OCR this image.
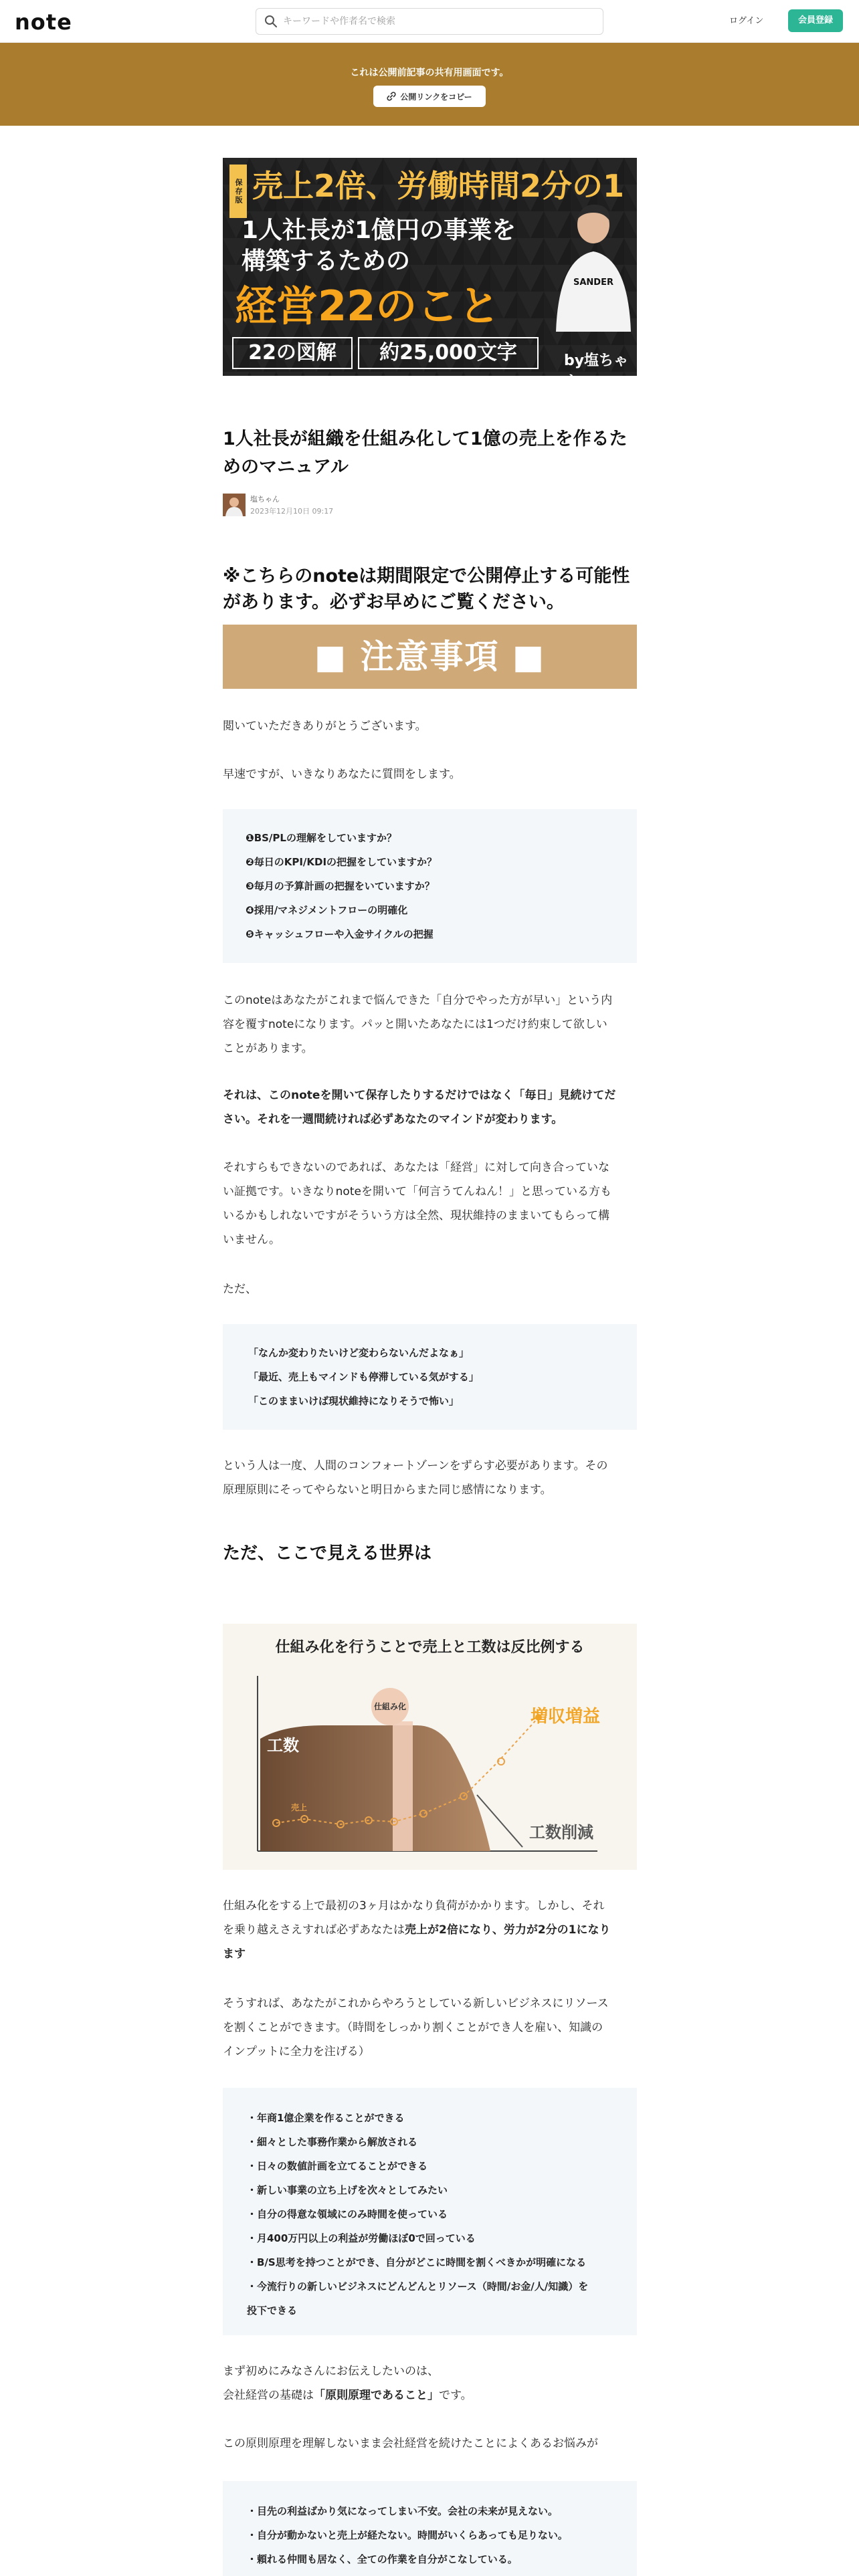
note
キーワードや作者名で検索	ログイン	会員登録
これは公開前記事の共有用画面です。
公開リンクをコピー
保存版 売上2倍、労働時間2分の1
1人社長が1億円の事業を
構築するための
経営22のこと	SANDER
22の図解	約25,000文字	by塩ちゃん
1人社長が組織を仕組み化して1億の売上を作るためのマニュアル
塩ちゃん
2023年12月10日 09:17
※こちらのnoteは期間限定で公開停止する可能性があります。必ずお早めにご覧ください。
■ 注意事項 ■

閲いていただきありがとうございます。

早速ですが、いきなりあなたに質問をします。

❶BS/PLの理解をしていますか？
❷毎日のKPI/KDIの把握をしていますか？
❸毎月の予算計画の把握をいていますか？
❹採用/マネジメントフローの明確化
❺キャッシュフローや入金サイクルの把握

このnoteはあなたがこれまで悩んできた「自分でやった方が早い」という内
容を覆すnoteになります。パッと開いたあなたには1つだけ約束して欲しい
ことがあります。

それは、このnoteを開いて保存したりするだけではなく「毎日」見続けてだ
さい。それを一週間続ければ必ずあなたのマインドが変わります。

それすらもできないのであれば、あなたは「経営」に対して向き合っていな
い証拠です。いきなりnoteを開いて「何言うてんねん！」と思っている方も
いるかもしれないですがそういう方は全然、現状維持のままいてもらって構
いません。

ただ、

「なんか変わりたいけど変わらないんだよなぁ」
「最近、売上もマインドも停滞している気がする」
「このままいけば現状維持になりそうで怖い」

という人は一度、人間のコンフォートゾーンをずらす必要があります。その
原理原則にそってやらないと明日からまた同じ感情になります。

ただ、ここで見える世界は
仕組み化を行うことで売上と工数は反比例する
仕組み化
工数
売上
増収増益
工数削減

仕組み化をする上で最初の3ヶ月はかなり負荷がかかります。しかし、それ
を乗り越えさえすれば必ずあなたは売上が2倍になり、労力が2分の1になり
ます

そうすれば、あなたがこれからやろうとしている新しいビジネスにリソース
を割くことができます。（時間をしっかり割くことができ人を雇い、知識の
インプットに全力を注げる）

・年商1億企業を作ることができる
・細々とした事務作業から解放される
・日々の数値計画を立てることができる
・新しい事業の立ち上げを次々としてみたい
・自分の得意な領域にのみ時間を使っている
・月400万円以上の利益が労働ほぼ0で回っている
・B/S思考を持つことができ、自分がどこに時間を割くべきかが明確になる
・今流行りの新しいビジネスにどんどんとリソース（時間/お金/人/知識）を
投下できる

まず初めにみなさんにお伝えしたいのは、
会社経営の基礎は「原則原理であること」です。

この原則原理を理解しないまま会社経営を続けたことによくあるお悩みが

・目先の利益ばかり気になってしまい不安。会社の未来が見えない。
・自分が動かないと売上が経たない。時間がいくらあっても足りない。
・頼れる仲間も居なく、全ての作業を自分がこなしている。
